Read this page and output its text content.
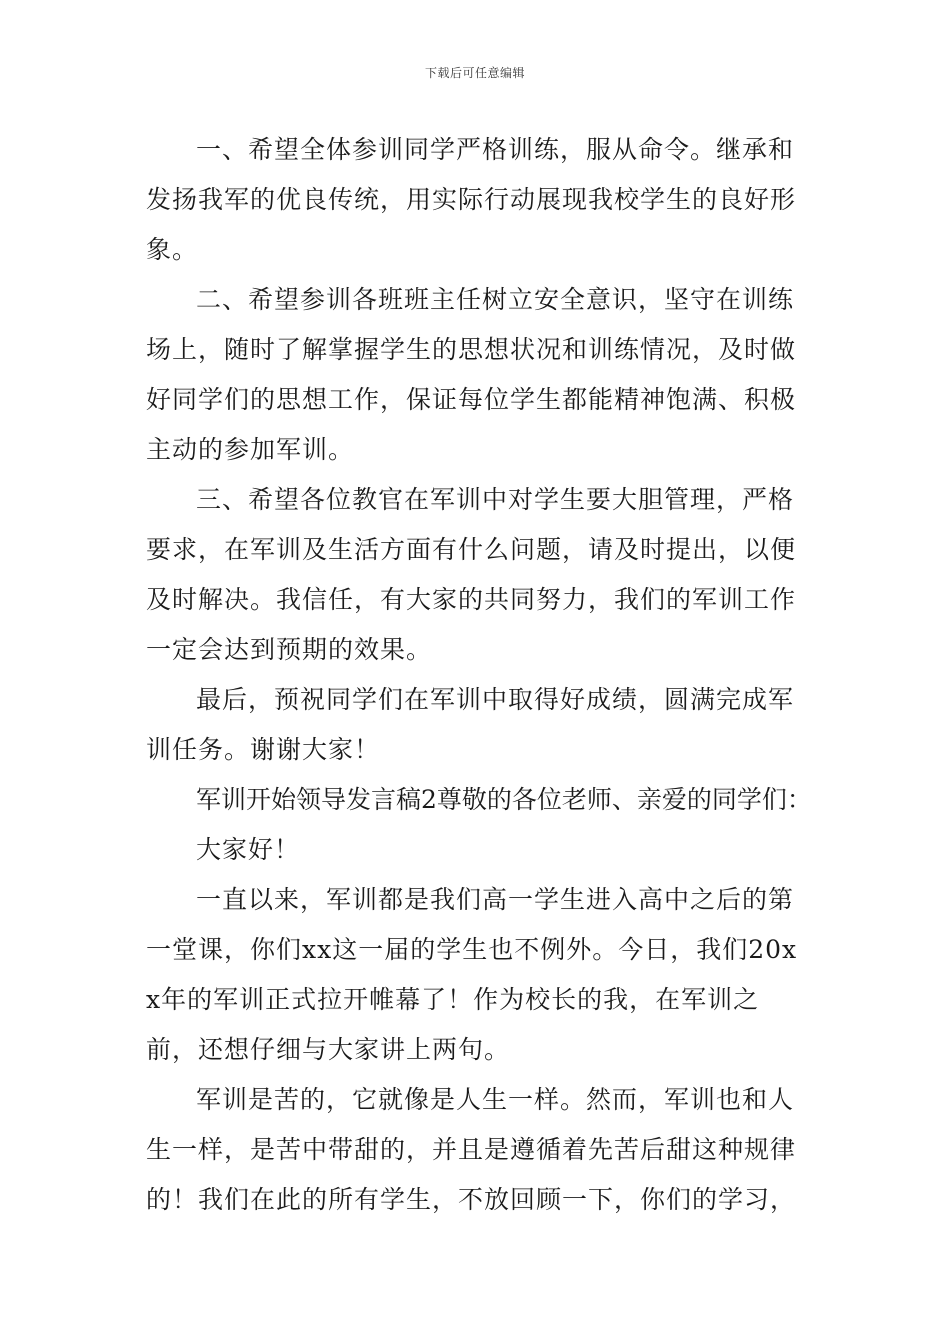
下载后可任意编辑

一、希望全体参训同学严格训练，服从命令。继承和发扬我军的优良传统，用实际行动展现我校学生的良好形象。

二、希望参训各班班主任树立安全意识，坚守在训练场上，随时了解掌握学生的思想状况和训练情况，及时做好同学们的思想工作，保证每位学生都能精神饱满、积极主动的参加军训。

三、希望各位教官在军训中对学生要大胆管理，严格要求，在军训及生活方面有什么问题，请及时提出，以便及时解决。我信任，有大家的共同努力，我们的军训工作一定会达到预期的效果。

最后，预祝同学们在军训中取得好成绩，圆满完成军训任务。谢谢大家！

军训开始领导发言稿2尊敬的各位老师、亲爱的同学们：

大家好！

一直以来，军训都是我们高一学生进入高中之后的第一堂课，你们xx这一届的学生也不例外。今日，我们20xx年的军训正式拉开帷幕了！作为校长的我，在军训之前，还想仔细与大家讲上两句。

军训是苦的，它就像是人生一样。然而，军训也和人生一样，是苦中带甜的，并且是遵循着先苦后甜这种规律的！我们在此的所有学生，不放回顾一下，你们的学习，
